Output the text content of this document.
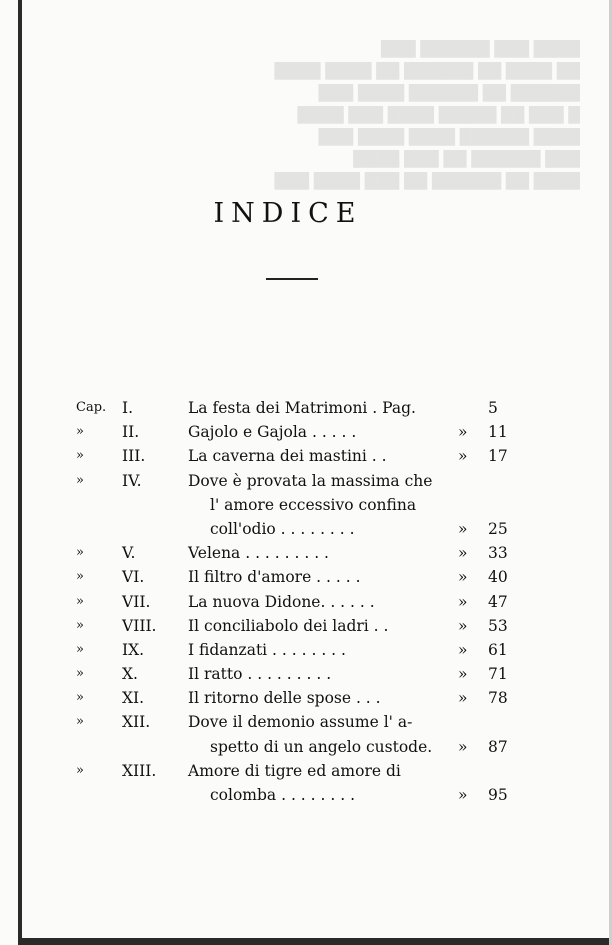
████ ███ ██████ ███
██ ████ ██ ██████ ██ ████ ████
██████ ██ ██████ ████ ███
█ ███ ██ █████ ████ ███ ████
████ ██████ ████ ████ ███
███ ██████ ██ ███ ████
████ ██ ██████ ██ ███ ████ ███
INDICE
Cap.	I.	La festa dei Matrimoni . Pag.	5
»	II.	Gajolo e Gajola . . . . .	» 11
»	III.	La caverna dei mastini . .	» 17
»	IV.	Dove è provata la massima che
l' amore eccessivo confina
coll'odio . . . . . . . .	» 25
»	V.	Velena . . . . . . . . .	» 33
»	VI.	Il filtro d'amore . . . . .	» 40
»	VII. La nuova Didone. . . . . .	» 47
»	VIII. Il conciliabolo dei ladri . .	» 53
»	IX.	I fidanzati . . . . . . . .	» 61
»	X.	Il ratto . . . . . . . . .	» 71
»	XI.	Il ritorno delle spose . . .	» 78
»	XII. Dove il demonio assume l' a-
spetto di un angelo custode. » 87
»	XIII. Amore di tigre ed amore di
colomba . . . . . . . .	» 95
